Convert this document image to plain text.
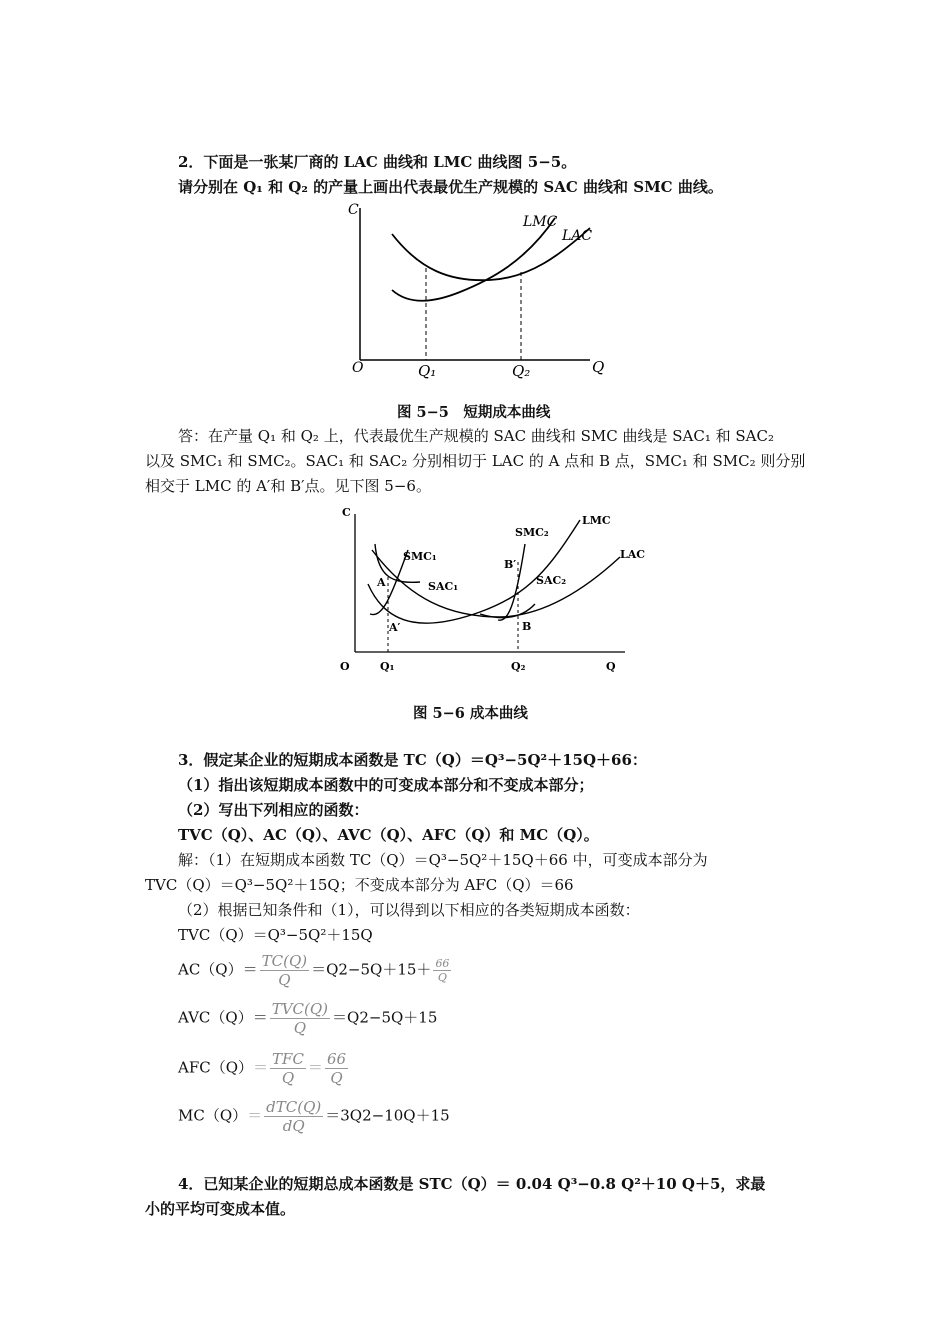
2．下面是一张某厂商的 LAC 曲线和 LMC 曲线图 5−5。
请分别在 Q₁ 和 Q₂ 的产量上画出代表最优生产规模的 SAC 曲线和 SMC 曲线。
C
Q
O	Q₁	Q₂
LMC
LAC
图 5−5　短期成本曲线
答：在产量 Q₁ 和 Q₂ 上，代表最优生产规模的 SAC 曲线和 SMC 曲线是 SAC₁ 和 SAC₂
以及 SMC₁ 和 SMC₂。SAC₁ 和 SAC₂ 分别相切于 LAC 的 A 点和 B 点，SMC₁ 和 SMC₂ 则分别
相交于 LMC 的 A′和 B′点。见下图 5−6。
C
Q
O	Q₁	Q₂
LMC
LAC
SMC₁
SAC₁
SMC₂
SAC₂
A
A′	B
B′
图 5−6 成本曲线
3．假定某企业的短期成本函数是 TC（Q）＝Q³−5Q²＋15Q＋66：
（1）指出该短期成本函数中的可变成本部分和不变成本部分；
（2）写出下列相应的函数：
TVC（Q）、AC（Q）、AVC（Q）、AFC（Q）和 MC（Q）。
解：（1）在短期成本函数 TC（Q）＝Q³−5Q²＋15Q＋66 中，可变成本部分为
TVC（Q）＝Q³−5Q²＋15Q；不变成本部分为 AFC（Q）＝66
（2）根据已知条件和（1），可以得到以下相应的各类短期成本函数：
TVC（Q）＝Q³−5Q²＋15Q
$AC(Q)= \frac{TC(Q)}{Q} =Q2-5Q+15+ \frac{66}{Q}$
$AVC(Q)= \frac{\text{TVC(Q)}}{Q} =Q2-5Q+15$
$AFC(Q)= \frac{\text{TFC}}{Q} = \frac{66}{Q}$
$MC(Q)= \frac{\text{dTC(Q)}}{dQ} =3Q2-10Q+15$
4．已知某企业的短期总成本函数是 STC（Q）＝ 0.04 Q³−0.8 Q²＋10 Q＋5，求最
小的平均可变成本值。
